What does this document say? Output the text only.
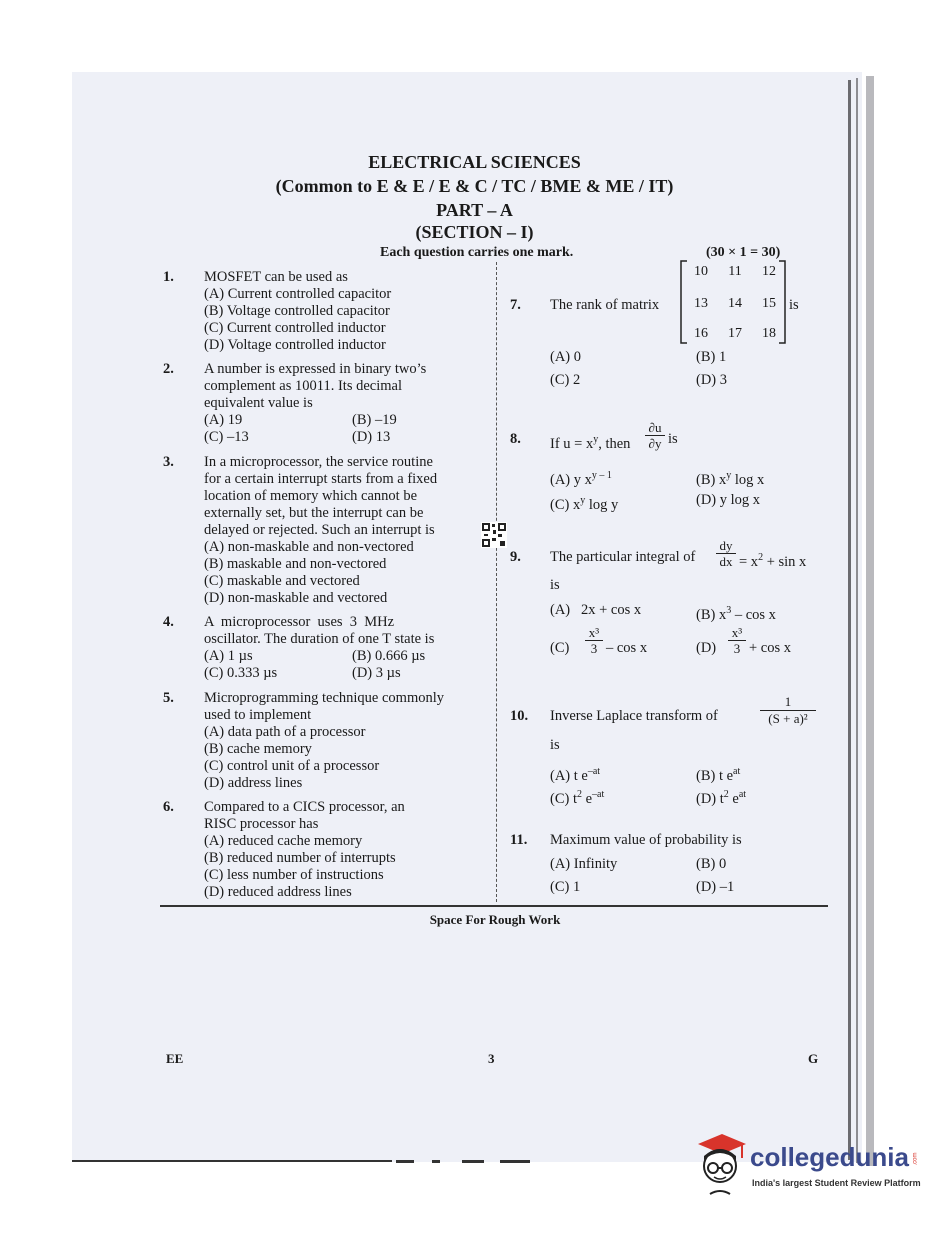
ELECTRICAL SCIENCES
(Common to E & E / E & C / TC / BME & ME / IT)
PART – A
(SECTION – I)
Each question carries one mark.	(30 × 1 = 30)
1. MOSFET can be used as
(A) Current controlled capacitor
(B) Voltage controlled capacitor
(C) Current controlled inductor
(D) Voltage controlled inductor
2. A number is expressed in binary two’s
complement as 10011. Its decimal
equivalent value is
(A) 19	(B) –19
(C) –13	(D) 13
3. In a microprocessor, the service routine
for a certain interrupt starts from a fixed
location of memory which cannot be
externally set, but the interrupt can be
delayed or rejected. Such an interrupt is
(A) non-maskable and non-vectored
(B) maskable and non-vectored
(C) maskable and vectored
(D) non-maskable and vectored
4. A  microprocessor  uses  3  MHz
oscillator. The duration of one T state is
(A) 1 µs	(B) 0.666 µs
(C) 0.333 µs	(D) 3 µs
5. Microprogramming technique commonly
used to implement
(A) data path of a processor
(B) cache memory
(C) control unit of a processor
(D) address lines
6. Compared to a CICS processor, an
RISC processor has
(A) reduced cache memory
(B) reduced number of interrupts
(C) less number of instructions
(D) reduced address lines
7. The rank of matrix
10 11 12
13 14 15
16 17 18
is
(A) 0	(B) 1
(C) 2	(D) 3
8. If $u = x^y$, then $\frac{\partial u}{\partial y}$ is
(A) y $x^{y - 1}$	(B) $x^y$ log x
(C) $x^y$ log y	(D) y log x
9. The particular integral of $\frac{dy}{dx} = x^2 + \sin x$
is
(A)   2x + cos x	(B) $x^3$ – cos x
$(C) \frac{\text{x³}}{3}$ – cos x	$(D) \frac{\text{x³}}{3} + \cos x$
10. Inverse Laplace transform of	$\frac{1}{\text{(S + a)²}}$
is
(A) t $e^{-at}$	(B) t $e^{at}$
(C) $t^2$ $e^{-at}$	(D) $t^2$ $e^{at}$
11. Maximum value of probability is
(A) Infinity	(B) 0
(C) 1	(D) –1
Space For Rough Work
EE	3	G
collegedunia .com
India's largest Student Review Platform
